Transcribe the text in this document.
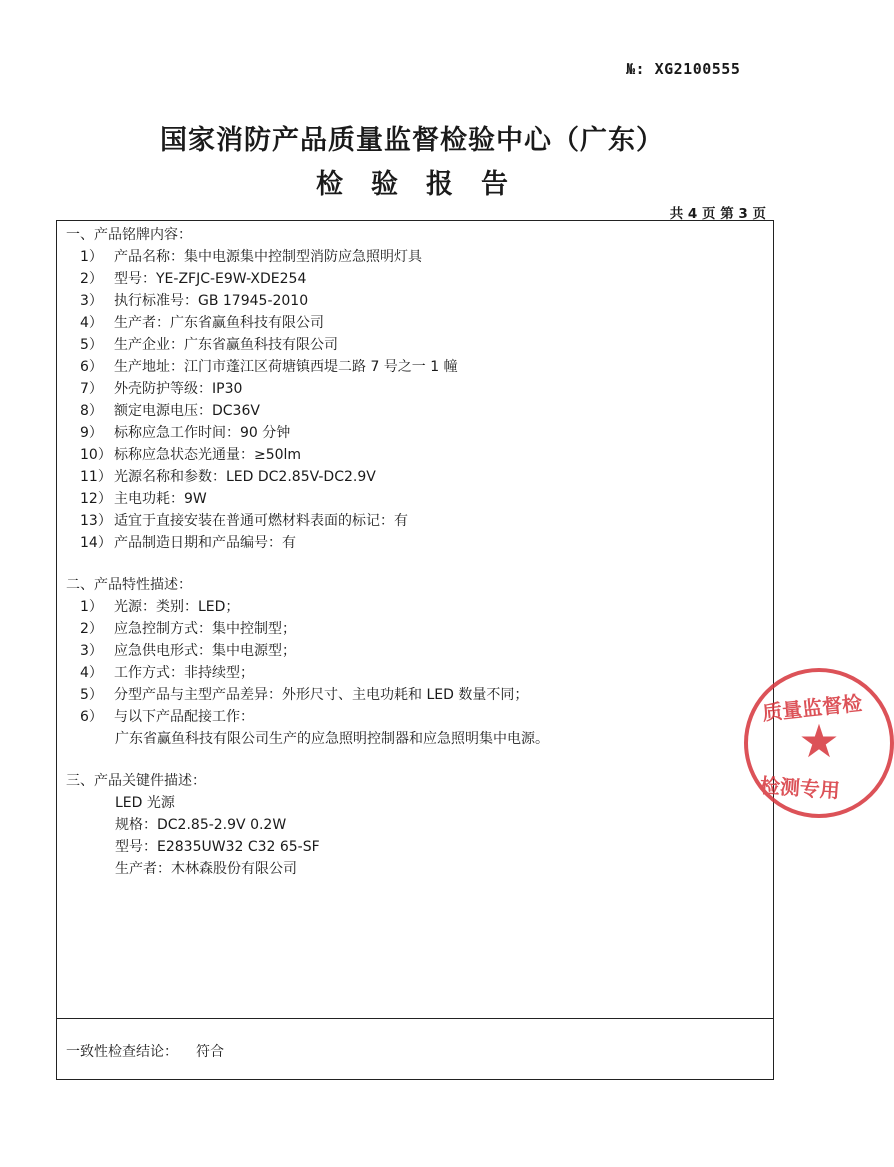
№: XG2100555
国家消防产品质量监督检验中心（广东）
检验报告
共 4 页 第 3 页
一、产品铭牌内容：
1） 产品名称：集中电源集中控制型消防应急照明灯具
2） 型号：YE-ZFJC-E9W-XDE254
3） 执行标准号：GB 17945-2010
4） 生产者：广东省赢鱼科技有限公司
5） 生产企业：广东省赢鱼科技有限公司
6） 生产地址：江门市蓬江区荷塘镇西堤二路 7 号之一 1 幢
7） 外壳防护等级：IP30
8） 额定电源电压：DC36V
9） 标称应急工作时间：90 分钟
10） 标称应急状态光通量：≥50lm
11） 光源名称和参数：LED DC2.85V-DC2.9V
12） 主电功耗：9W
13） 适宜于直接安装在普通可燃材料表面的标记：有
14） 产品制造日期和产品编号：有
二、产品特性描述：
1） 光源：类别：LED；
2） 应急控制方式：集中控制型；
3） 应急供电形式：集中电源型；
4） 工作方式：非持续型；
5） 分型产品与主型产品差异：外形尺寸、主电功耗和 LED 数量不同；
6） 与以下产品配接工作：
广东省赢鱼科技有限公司生产的应急照明控制器和应急照明集中电源。
三、产品关键件描述：
LED 光源
规格：DC2.85-2.9V 0.2W
型号：E2835UW32 C32 65-SF
生产者：木林森股份有限公司
一致性检查结论： 符合
质量监督检
★
检测专用
